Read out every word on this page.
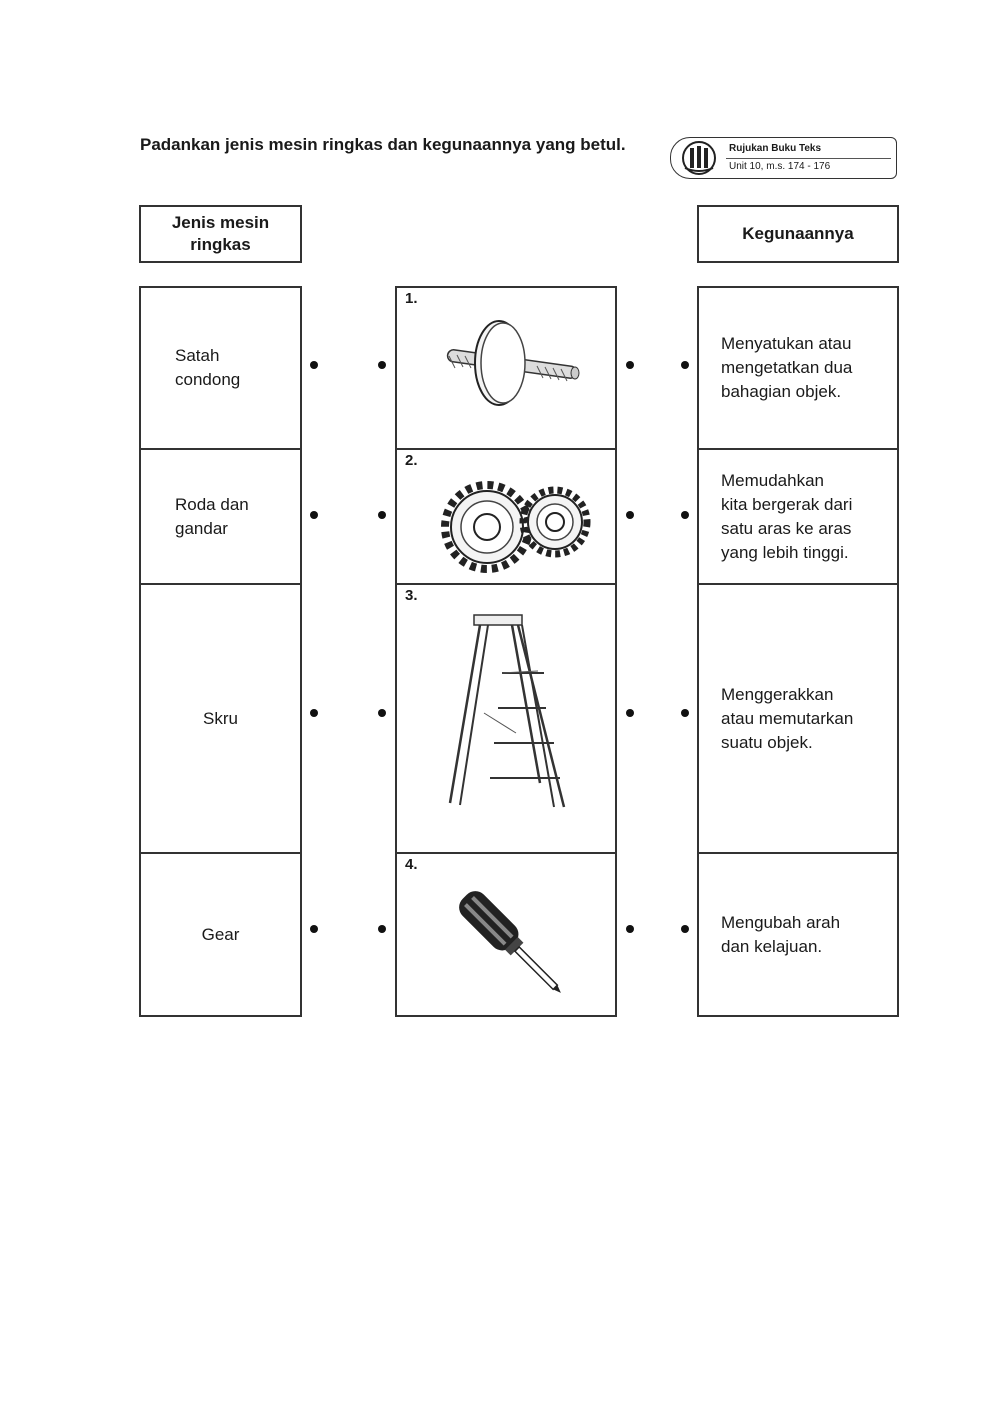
Padankan jenis mesin ringkas dan kegunaannya yang betul.	Rujukan Buku Teks
Unit 10, m.s. 174 - 176
Jenis mesin ringkas
Kegunaannya
Satah condong
Roda dan gandar
Skru
Gear
1.
2.
3.
4.
Menyatukan atau
mengetatkan dua
bahagian objek.
Memudahkan
kita bergerak dari
satu aras ke aras
yang lebih tinggi.
Menggerakkan
atau memutarkan
suatu objek.
Mengubah arah
dan kelajuan.
